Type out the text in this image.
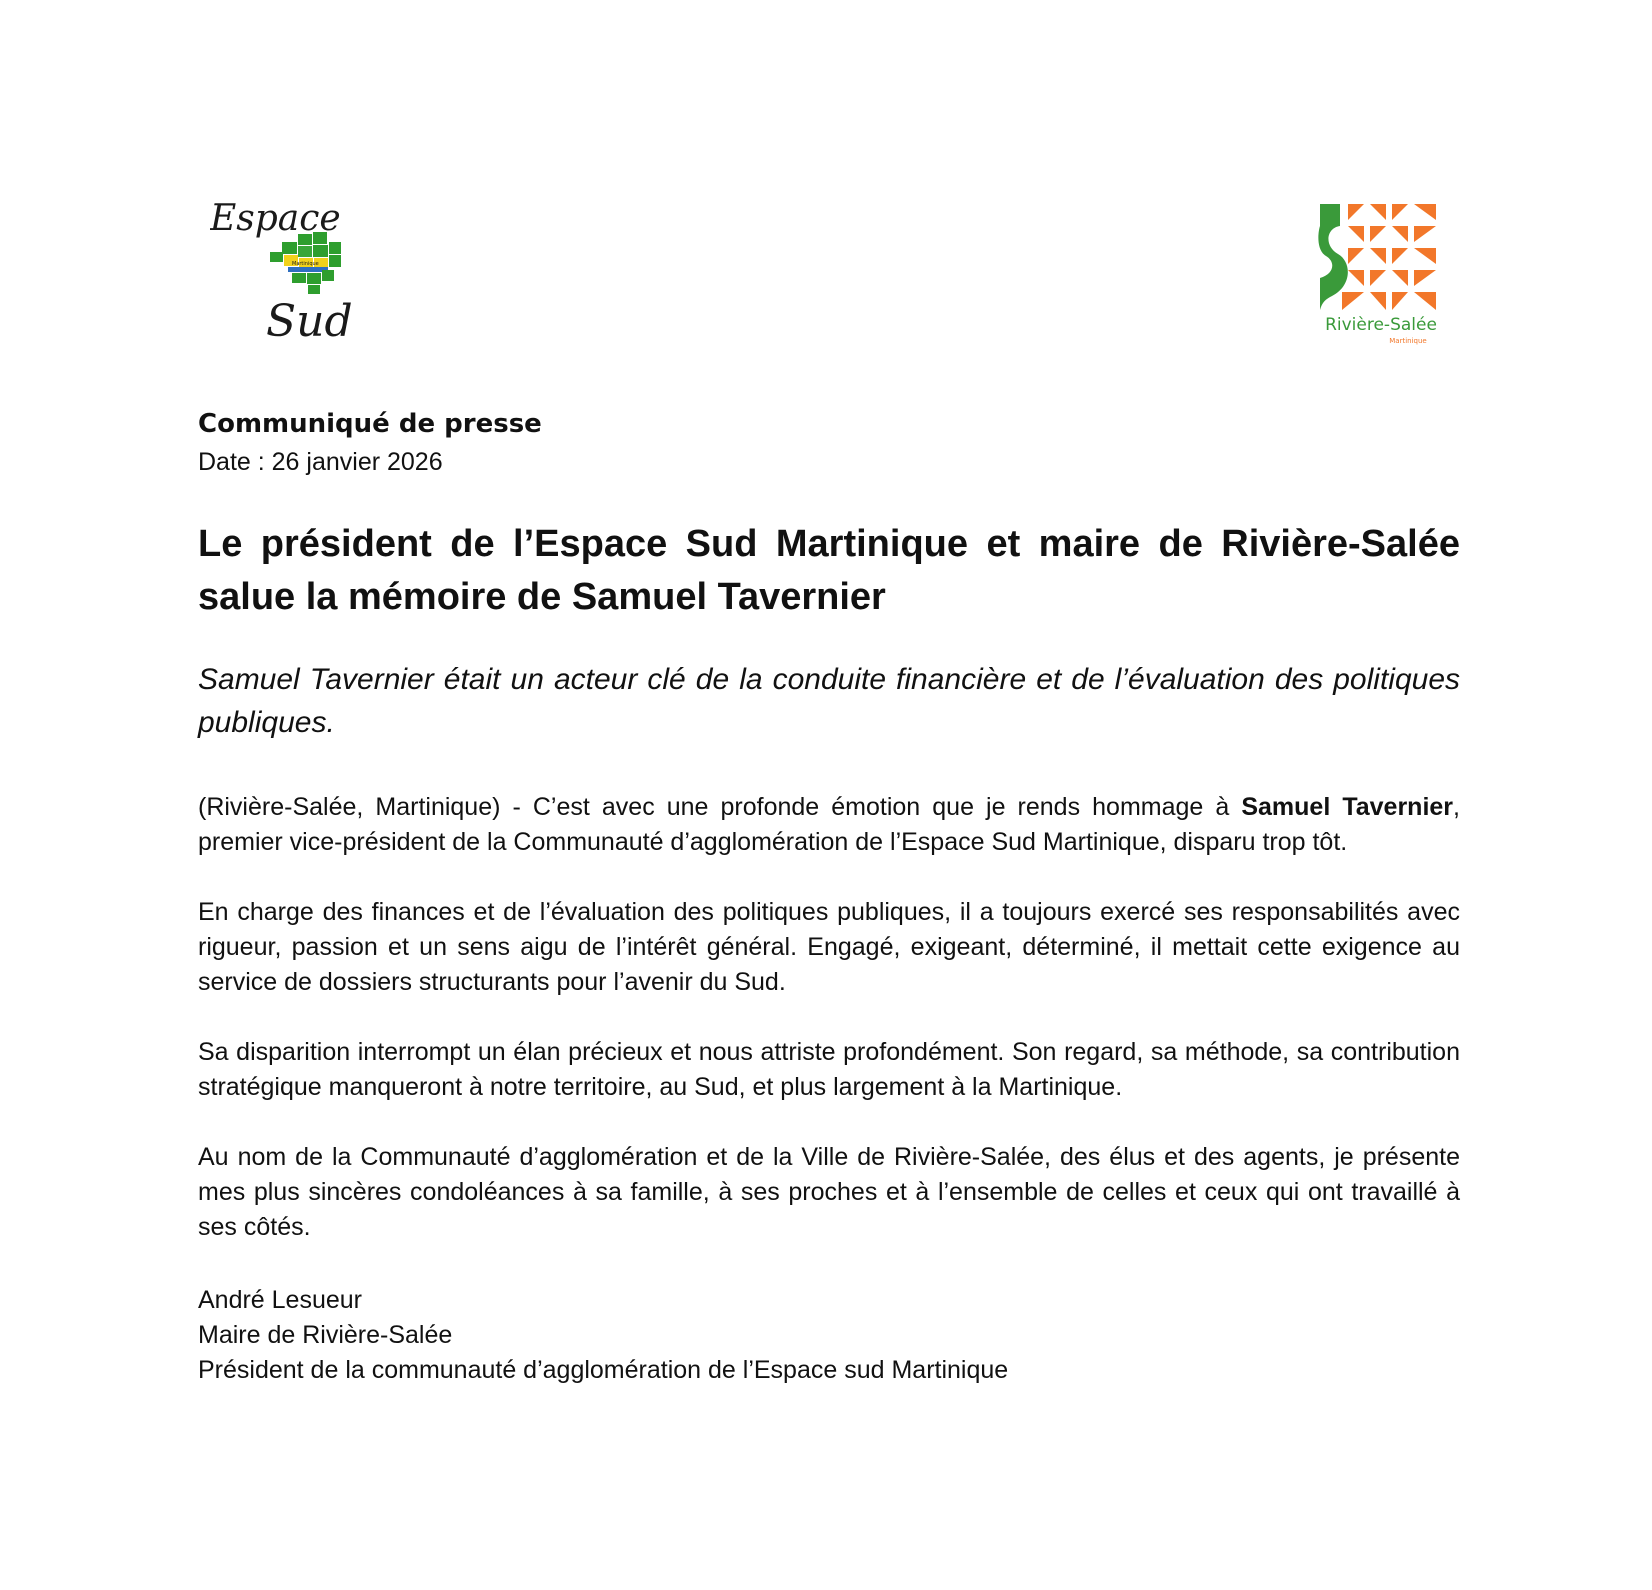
Espace
Sud
Martinique
Rivière-Salée
Martinique

Communiqué de presse

Date : 26 janvier 2026

Le président de l’Espace Sud Martinique et maire de Rivière-Salée salue la mémoire de Samuel Tavernier

Samuel Tavernier était un acteur clé de la conduite financière et de l’évaluation des politiques publiques.

(Rivière-Salée, Martinique) - C’est avec une profonde émotion que je rends hommage à Samuel Tavernier, premier vice-président de la Communauté d’agglomération de l’Espace Sud Martinique, disparu trop tôt.

En charge des finances et de l’évaluation des politiques publiques, il a toujours exercé ses responsabilités avec rigueur, passion et un sens aigu de l’intérêt général. Engagé, exigeant, déterminé, il mettait cette exigence au service de dossiers structurants pour l’avenir du Sud.

Sa disparition interrompt un élan précieux et nous attriste profondément. Son regard, sa méthode, sa contribution stratégique manqueront à notre territoire, au Sud, et plus largement à la Martinique.

Au nom de la Communauté d’agglomération et de la Ville de Rivière-Salée, des élus et des agents, je présente mes plus sincères condoléances à sa famille, à ses proches et à l’ensemble de celles et ceux qui ont travaillé à ses côtés.

André Lesueur
Maire de Rivière-Salée
Président de la communauté d’agglomération de l’Espace sud Martinique
